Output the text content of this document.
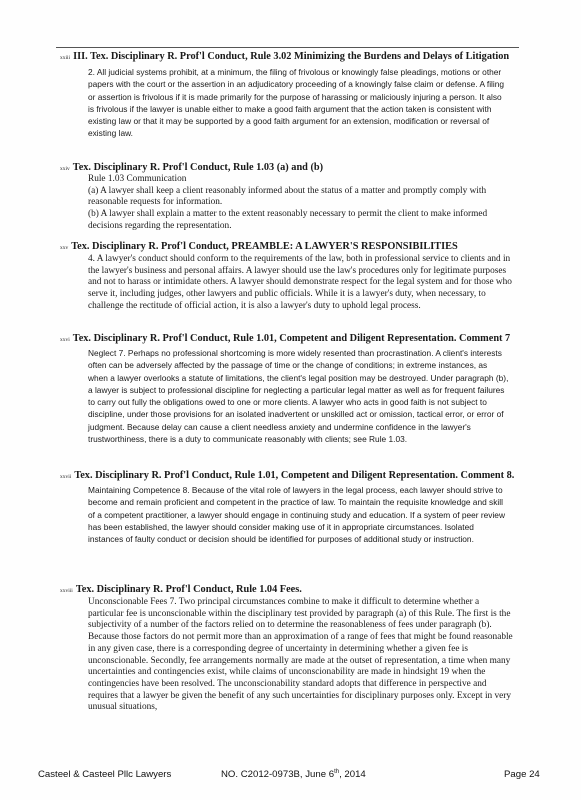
$^{xxiii}$ III. Tex. Disciplinary R. Prof'l Conduct, Rule 3.02 Minimizing the Burdens and Delays of Litigation
2. All judicial systems prohibit, at a minimum, the filing of frivolous or knowingly false pleadings, motions or other papers with the court or the assertion in an adjudicatory proceeding of a knowingly false claim or defense. A filing or assertion is frivolous if it is made primarily for the purpose of harassing or maliciously injuring a person. It also is frivolous if the lawyer is unable either to make a good faith argument that the action taken is consistent with existing law or that it may be supported by a good faith argument for an extension, modification or reversal of existing law.
$^{xxiv}$ Tex. Disciplinary R. Prof'l Conduct, Rule 1.03 (a) and (b)
Rule 1.03 Communication
(a) A lawyer shall keep a client reasonably informed about the status of a matter and promptly comply with reasonable requests for information.
(b) A lawyer shall explain a matter to the extent reasonably necessary to permit the client to make informed decisions regarding the representation.
$^{xxv}$ Tex. Disciplinary R. Prof'l Conduct, PREAMBLE: A LAWYER'S RESPONSIBILITIES
4. A lawyer's conduct should conform to the requirements of the law, both in professional service to clients and in the lawyer's business and personal affairs. A lawyer should use the law's procedures only for legitimate purposes and not to harass or intimidate others. A lawyer should demonstrate respect for the legal system and for those who serve it, including judges, other lawyers and public officials. While it is a lawyer's duty, when necessary, to challenge the rectitude of official action, it is also a lawyer's duty to uphold legal process.
$^{xxvi}$ Tex. Disciplinary R. Prof'l Conduct, Rule 1.01, Competent and Diligent Representation. Comment 7
Neglect 7. Perhaps no professional shortcoming is more widely resented than procrastination. A client's interests often can be adversely affected by the passage of time or the change of conditions; in extreme instances, as when a lawyer overlooks a statute of limitations, the client's legal position may be destroyed. Under paragraph (b), a lawyer is subject to professional discipline for neglecting a particular legal matter as well as for frequent failures to carry out fully the obligations owed to one or more clients. A lawyer who acts in good faith is not subject to discipline, under those provisions for an isolated inadvertent or unskilled act or omission, tactical error, or error of judgment. Because delay can cause a client needless anxiety and undermine confidence in the lawyer's trustworthiness, there is a duty to communicate reasonably with clients; see Rule 1.03.
$^{xxvii}$ Tex. Disciplinary R. Prof'l Conduct, Rule 1.01, Competent and Diligent Representation. Comment 8.
Maintaining Competence 8. Because of the vital role of lawyers in the legal process, each lawyer should strive to become and remain proficient and competent in the practice of law. To maintain the requisite knowledge and skill of a competent practitioner, a lawyer should engage in continuing study and education. If a system of peer review has been established, the lawyer should consider making use of it in appropriate circumstances. Isolated instances of faulty conduct or decision should be identified for purposes of additional study or instruction.
$^{xxviii}$ Tex. Disciplinary R. Prof'l Conduct, Rule 1.04 Fees.
Unconscionable Fees 7. Two principal circumstances combine to make it difficult to determine whether a particular fee is unconscionable within the disciplinary test provided by paragraph (a) of this Rule. The first is the subjectivity of a number of the factors relied on to determine the reasonableness of fees under paragraph (b). Because those factors do not permit more than an approximation of a range of fees that might be found reasonable in any given case, there is a corresponding degree of uncertainty in determining whether a given fee is unconscionable. Secondly, fee arrangements normally are made at the outset of representation, a time when many uncertainties and contingencies exist, while claims of unconscionability are made in hindsight 19 when the contingencies have been resolved. The unconscionability standard adopts that difference in perspective and requires that a lawyer be given the benefit of any such uncertainties for disciplinary purposes only. Except in very unusual situations,
Casteel & Casteel Pllc Lawyers	NO. C2012-0973B, June 6th, 2014	Page 24
